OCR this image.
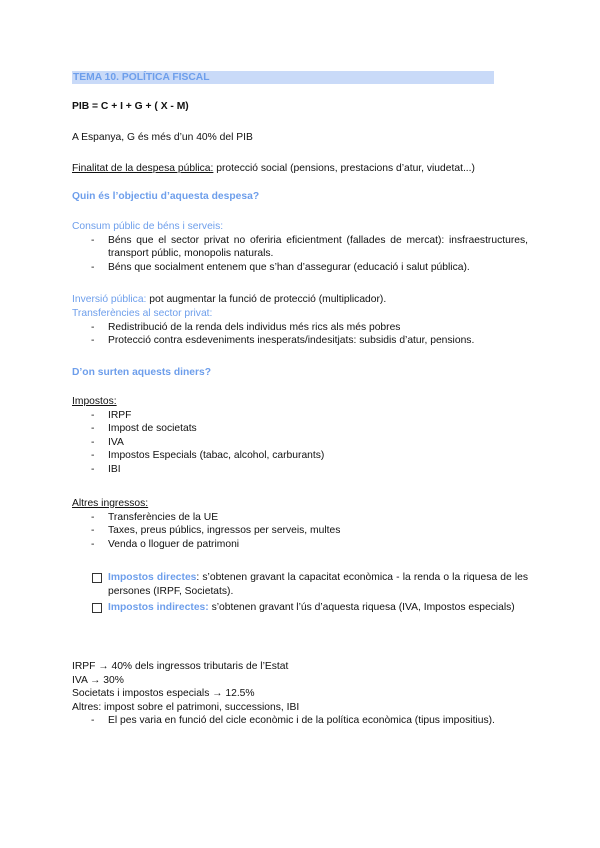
TEMA 10. POLÍTICA FISCAL
PIB = C + I + G + ( X - M)
A Espanya, G és més d’un 40% del PIB
Finalitat de la despesa pública: protecció social (pensions, prestacions d’atur, viudetat...)
Quin és l’objectiu d’aquesta despesa?
Consum públic de béns i serveis:
- Béns que el sector privat no oferiria eficientment (fallades de mercat): insfraestructures, transport públic, monopolis naturals.
- Béns que socialment entenem que s’han d’assegurar (educació i salut pública).
Inversió pública: pot augmentar la funció de protecció (multiplicador).
Transferències al sector privat:
- Redistribució de la renda dels individus més rics als més pobres
- Protecció contra esdeveniments inesperats/indesitjats: subsidis d’atur, pensions.
D’on surten aquests diners?
Impostos:
- IRPF
- Impost de societats
- IVA
- Impostos Especials (tabac, alcohol, carburants)
- IBI
Altres ingressos:
- Transferències de la UE
- Taxes, preus públics, ingressos per serveis, multes
- Venda o lloguer de patrimoni
Impostos directes: s’obtenen gravant la capacitat econòmica - la renda o la riquesa de les persones (IRPF, Societats).
Impostos indirectes: s’obtenen gravant l’ús d’aquesta riquesa (IVA, Impostos especials)
IRPF → 40% dels ingressos tributaris de l’Estat
IVA → 30%
Societats i impostos especials → 12.5%
Altres: impost sobre el patrimoni, successions, IBI
- El pes varia en funció del cicle econòmic i de la política econòmica (tipus impositius).
